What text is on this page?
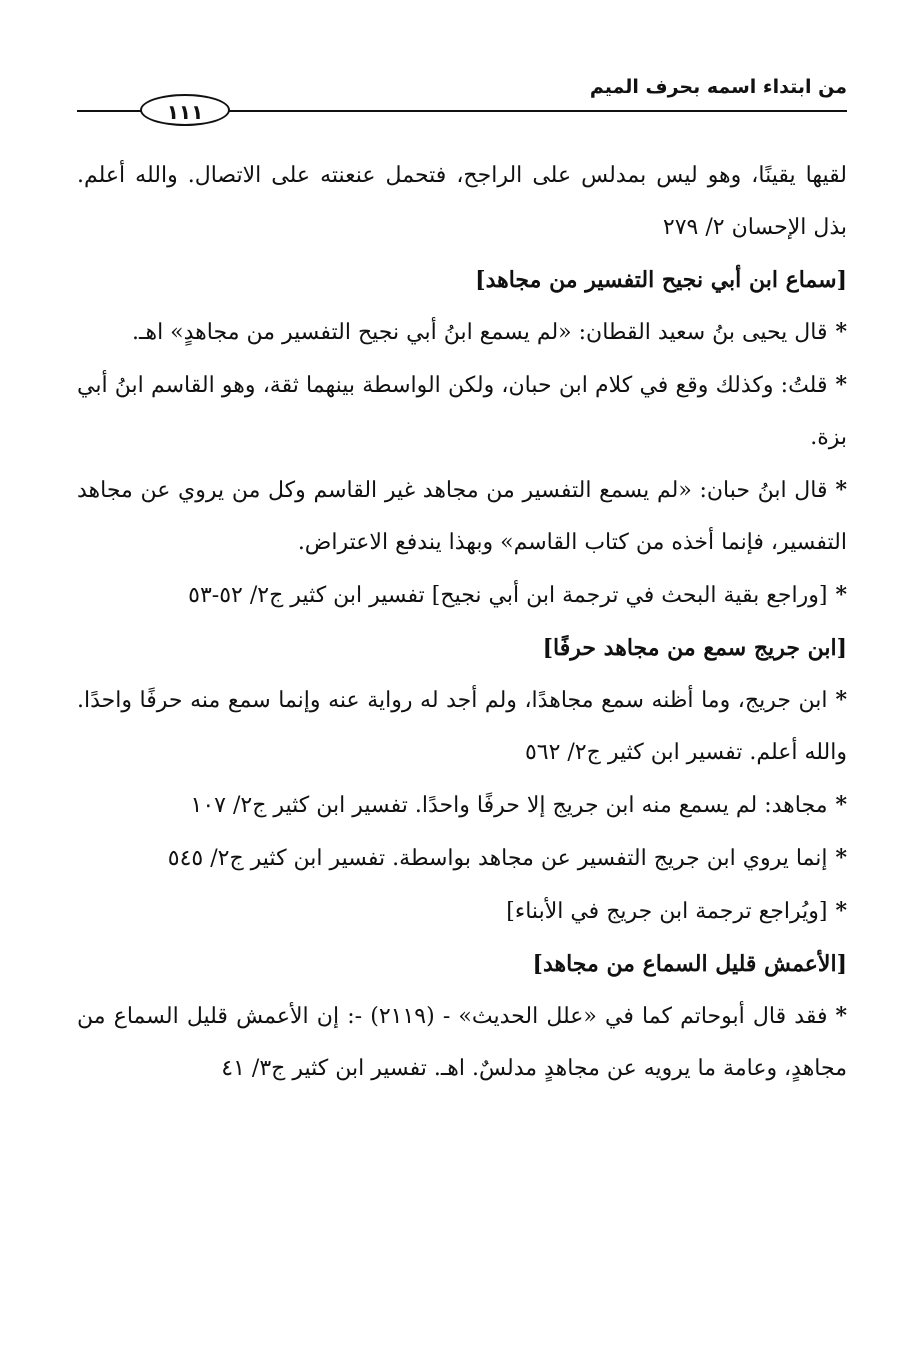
من ابتداء اسمه بحرف الميم
١١١

لقيها يقينًا، وهو ليس بمدلس على الراجح، فتحمل عنعنته على الاتصال. والله أعلم. بذل الإحسان ٢/ ٢٧٩

[سماع ابن أبي نجيح التفسير من مجاهد]

*قال يحيى بنُ سعيد القطان: «لم يسمع ابنُ أبي نجيح التفسير من مجاهدٍ» اهـ.

*قلتُ: وكذلك وقع في كلام ابن حبان، ولكن الواسطة بينهما ثقة، وهو القاسم ابنُ أبي بزة.

*قال ابنُ حبان: «لم يسمع التفسير من مجاهد غير القاسم وكل من يروي عن مجاهد التفسير، فإنما أخذه من كتاب القاسم» وبهذا يندفع الاعتراض.

*[وراجع بقية البحث في ترجمة ابن أبي نجيح] تفسير ابن كثير ج٢/ ٥٢-٥٣

[ابن جريج سمع من مجاهد حرفًا]

*ابن جريج، وما أظنه سمع مجاهدًا، ولم أجد له رواية عنه وإنما سمع منه حرفًا واحدًا. والله أعلم. تفسير ابن كثير ج٢/ ٥٦٢

*مجاهد: لم يسمع منه ابن جريج إلا حرفًا واحدًا. تفسير ابن كثير ج٢/ ١٠٧

*إنما يروي ابن جريج التفسير عن مجاهد بواسطة. تفسير ابن كثير ج٢/ ٥٤٥

*[ويُراجع ترجمة ابن جريج في الأبناء]

[الأعمش قليل السماع من مجاهد]

*فقد قال أبوحاتم كما في «علل الحديث» - (٢١١٩) -: إن الأعمش قليل السماع من مجاهدٍ، وعامة ما يرويه عن مجاهدٍ مدلسٌ. اهـ. تفسير ابن كثير ج٣/ ٤١
